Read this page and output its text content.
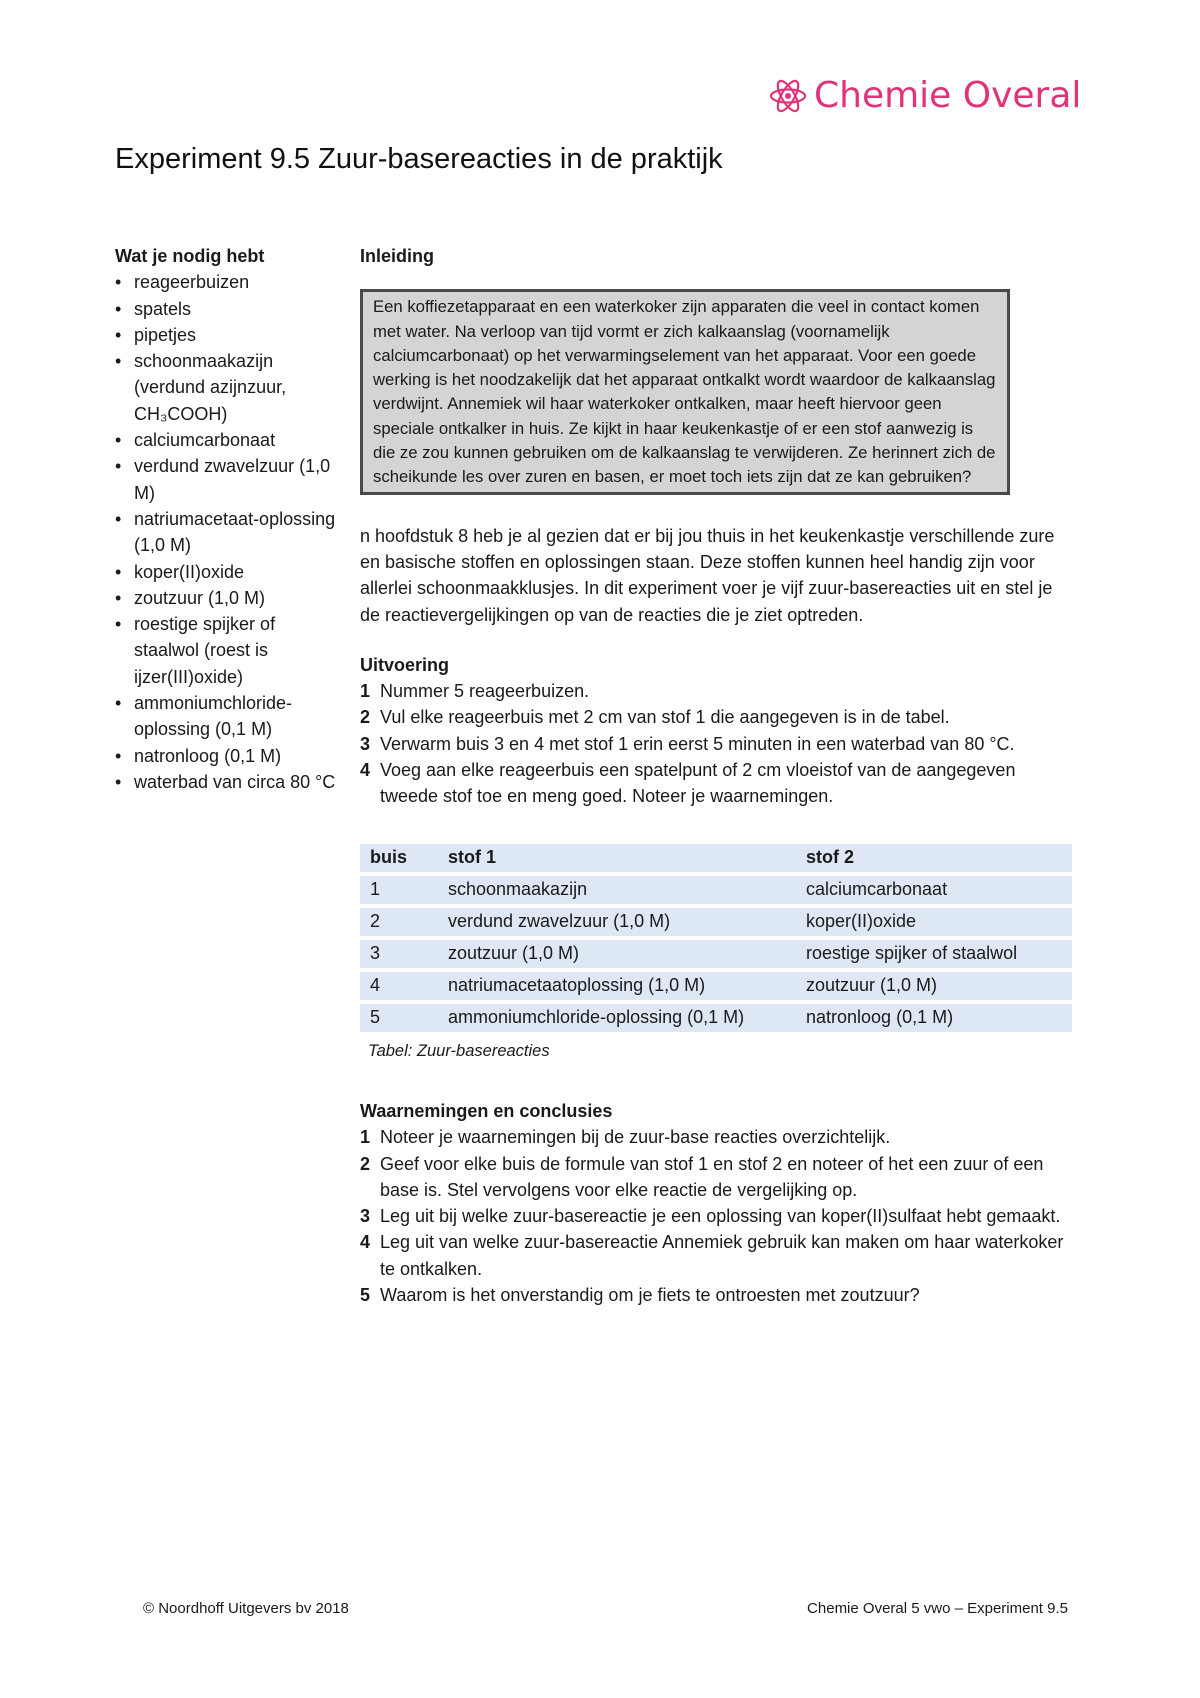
Chemie Overal
Experiment 9.5 Zuur-basereacties in de praktijk
Wat je nodig hebt
• reageerbuizen
• spatels
• pipetjes
• schoonmaakazijn (verdund azijnzuur, CH₃COOH)
• calciumcarbonaat
• verdund zwavelzuur (1,0 M)
• natriumacetaat-oplossing (1,0 M)
• koper(II)oxide
• zoutzuur (1,0 M)
• roestige spijker of staalwol (roest is ijzer(III)oxide)
• ammoniumchloride-oplossing (0,1 M)
• natronloog (0,1 M)
• waterbad van circa 80 °C
Inleiding
Een koffiezetapparaat en een waterkoker zijn apparaten die veel in contact komen met water. Na verloop van tijd vormt er zich kalkaanslag (voornamelijk calciumcarbonaat) op het verwarmingselement van het apparaat. Voor een goede werking is het noodzakelijk dat het apparaat ontkalkt wordt waardoor de kalkaanslag verdwijnt. Annemiek wil haar waterkoker ontkalken, maar heeft hiervoor geen speciale ontkalker in huis. Ze kijkt in haar keukenkastje of er een stof aanwezig is die ze zou kunnen gebruiken om de kalkaanslag te verwijderen. Ze herinnert zich de scheikunde les over zuren en basen, er moet toch iets zijn dat ze kan gebruiken?

n hoofdstuk 8 heb je al gezien dat er bij jou thuis in het keukenkastje verschillende zure en basische stoffen en oplossingen staan. Deze stoffen kunnen heel handig zijn voor allerlei schoonmaakklusjes. In dit experiment voer je vijf zuur-basereacties uit en stel je de reactievergelijkingen op van de reacties die je ziet optreden.

Uitvoering
1 Nummer 5 reageerbuizen.
2 Vul elke reageerbuis met 2 cm van stof 1 die aangegeven is in de tabel.
3 Verwarm buis 3 en 4 met stof 1 erin eerst 5 minuten in een waterbad van 80 °C.
4 Voeg aan elke reageerbuis een spatelpunt of 2 cm vloeistof van de aangegeven tweede stof toe en meng goed. Noteer je waarnemingen.
buis	stof 1	stof 2
1	schoonmaakazijn	calciumcarbonaat
2	verdund zwavelzuur (1,0 M)	koper(II)oxide
3	zoutzuur (1,0 M)	roestige spijker of staalwol
4	natriumacetaatoplossing (1,0 M)	zoutzuur (1,0 M)
5	ammoniumchloride-oplossing (0,1 M)	natronloog (0,1 M)
Tabel: Zuur-basereacties
Waarnemingen en conclusies
1 Noteer je waarnemingen bij de zuur-base reacties overzichtelijk.
2 Geef voor elke buis de formule van stof 1 en stof 2 en noteer of het een zuur of een base is. Stel vervolgens voor elke reactie de vergelijking op.
3 Leg uit bij welke zuur-basereactie je een oplossing van koper(II)sulfaat hebt gemaakt.
4 Leg uit van welke zuur-basereactie Annemiek gebruik kan maken om haar waterkoker te ontkalken.
5 Waarom is het onverstandig om je fiets te ontroesten met zoutzuur?
© Noordhoff Uitgevers bv 2018	Chemie Overal 5 vwo – Experiment 9.5
